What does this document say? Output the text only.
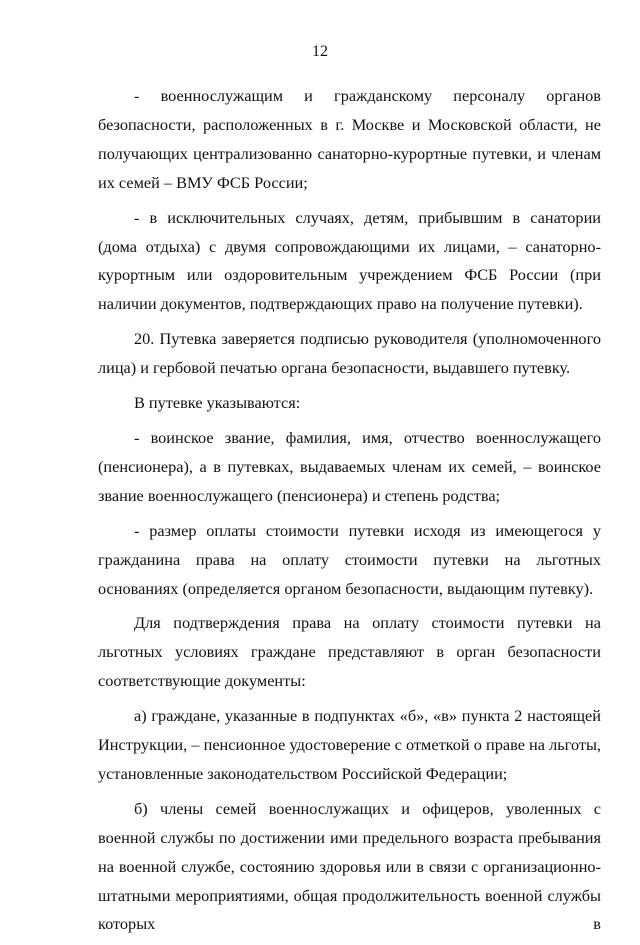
12

- военнослужащим и гражданскому персоналу органов безопасности, расположенных в г. Москве и Московской области, не получающих централизованно санаторно-курортные путевки, и членам их семей – ВМУ ФСБ России;

- в исключительных случаях, детям, прибывшим в санатории (дома отдыха) с двумя сопровождающими их лицами, – санаторно-курортным или оздоровительным учреждением ФСБ России (при наличии документов, подтверждающих право на получение путевки).

20. Путевка заверяется подписью руководителя (уполномоченного лица) и гербовой печатью органа безопасности, выдавшего путевку.

В путевке указываются:

- воинское звание, фамилия, имя, отчество военнослужащего (пенсионера), а в путевках, выдаваемых членам их семей, – воинское звание военнослужащего (пенсионера) и степень родства;

- размер оплаты стоимости путевки исходя из имеющегося у гражданина права на оплату стоимости путевки на льготных основаниях (определяется органом безопасности, выдающим путевку).

Для подтверждения права на оплату стоимости путевки на льготных условиях граждане представляют в орган безопасности соответствующие документы:

а) граждане, указанные в подпунктах «б», «в» пункта 2 настоящей Инструкции, – пенсионное удостоверение с отметкой о праве на льготы, установленные законодательством Российской Федерации;

б) члены семей военнослужащих и офицеров, уволенных с военной службы по достижении ими предельного возраста пребывания на военной службе, состоянию здоровья или в связи с организационно-штатными мероприятиями, общая продолжительность военной службы которых в
